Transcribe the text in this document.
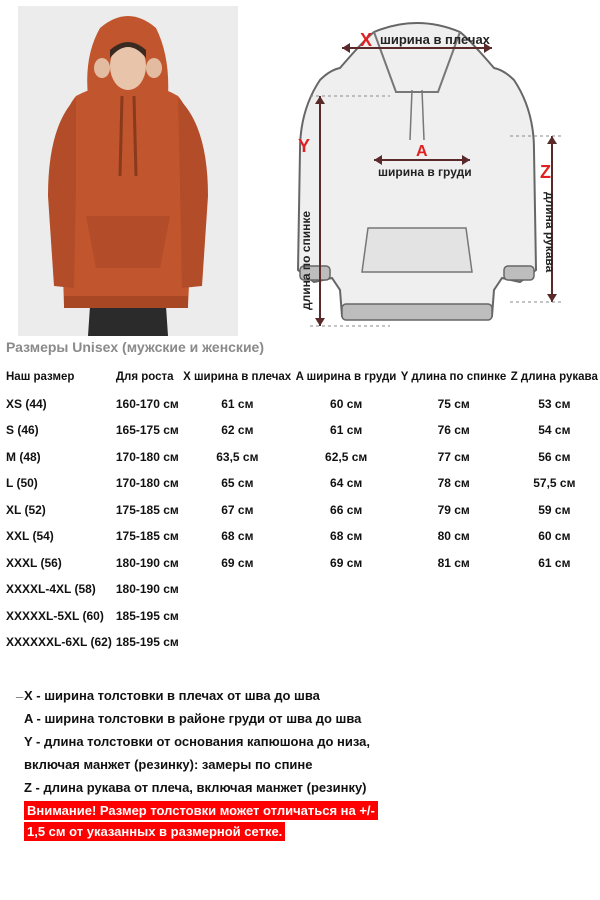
X ширина в плечах
A
ширина в груди
Y
длина по спинке
Z
длина рукава
Размеры Unisex (мужские и женские)
Наш размер	Для роста	X ширина в плечах	A ширина в груди	Y длина по спинке	Z длина рукава
XS (44)	160-170 см	61 см	60 см	75 см	53 см
S (46)	165-175 см	62 см	61 см	76 см	54 см
M (48)	170-180 см	63,5 см	62,5 см	77 см	56 см
L (50)	170-180 см	65 см	64 см	78 см	57,5 см
XL (52)	175-185 см	67 см	66 см	79 см	59 см
XXL (54)	175-185 см	68 см	68 см	80 см	60 см
XXXL (56)	180-190 см	69 см	69 см	81 см	61 см
XXXXL-4XL (58)	180-190 см				
XXXXXL-5XL (60)	185-195 см				
XXXXXXL-6XL (62)	185-195 см				
_ X - ширина толстовки в плечах от шва до шва
A - ширина толстовки в районе груди от шва до шва
Y - длина толстовки от основания капюшона до низа,
включая манжет (резинку): замеры по спине
Z - длина рукава от плеча, включая манжет (резинку)
Внимание! Размер толстовки может отличаться на +/-
1,5 см от указанных в размерной сетке.
